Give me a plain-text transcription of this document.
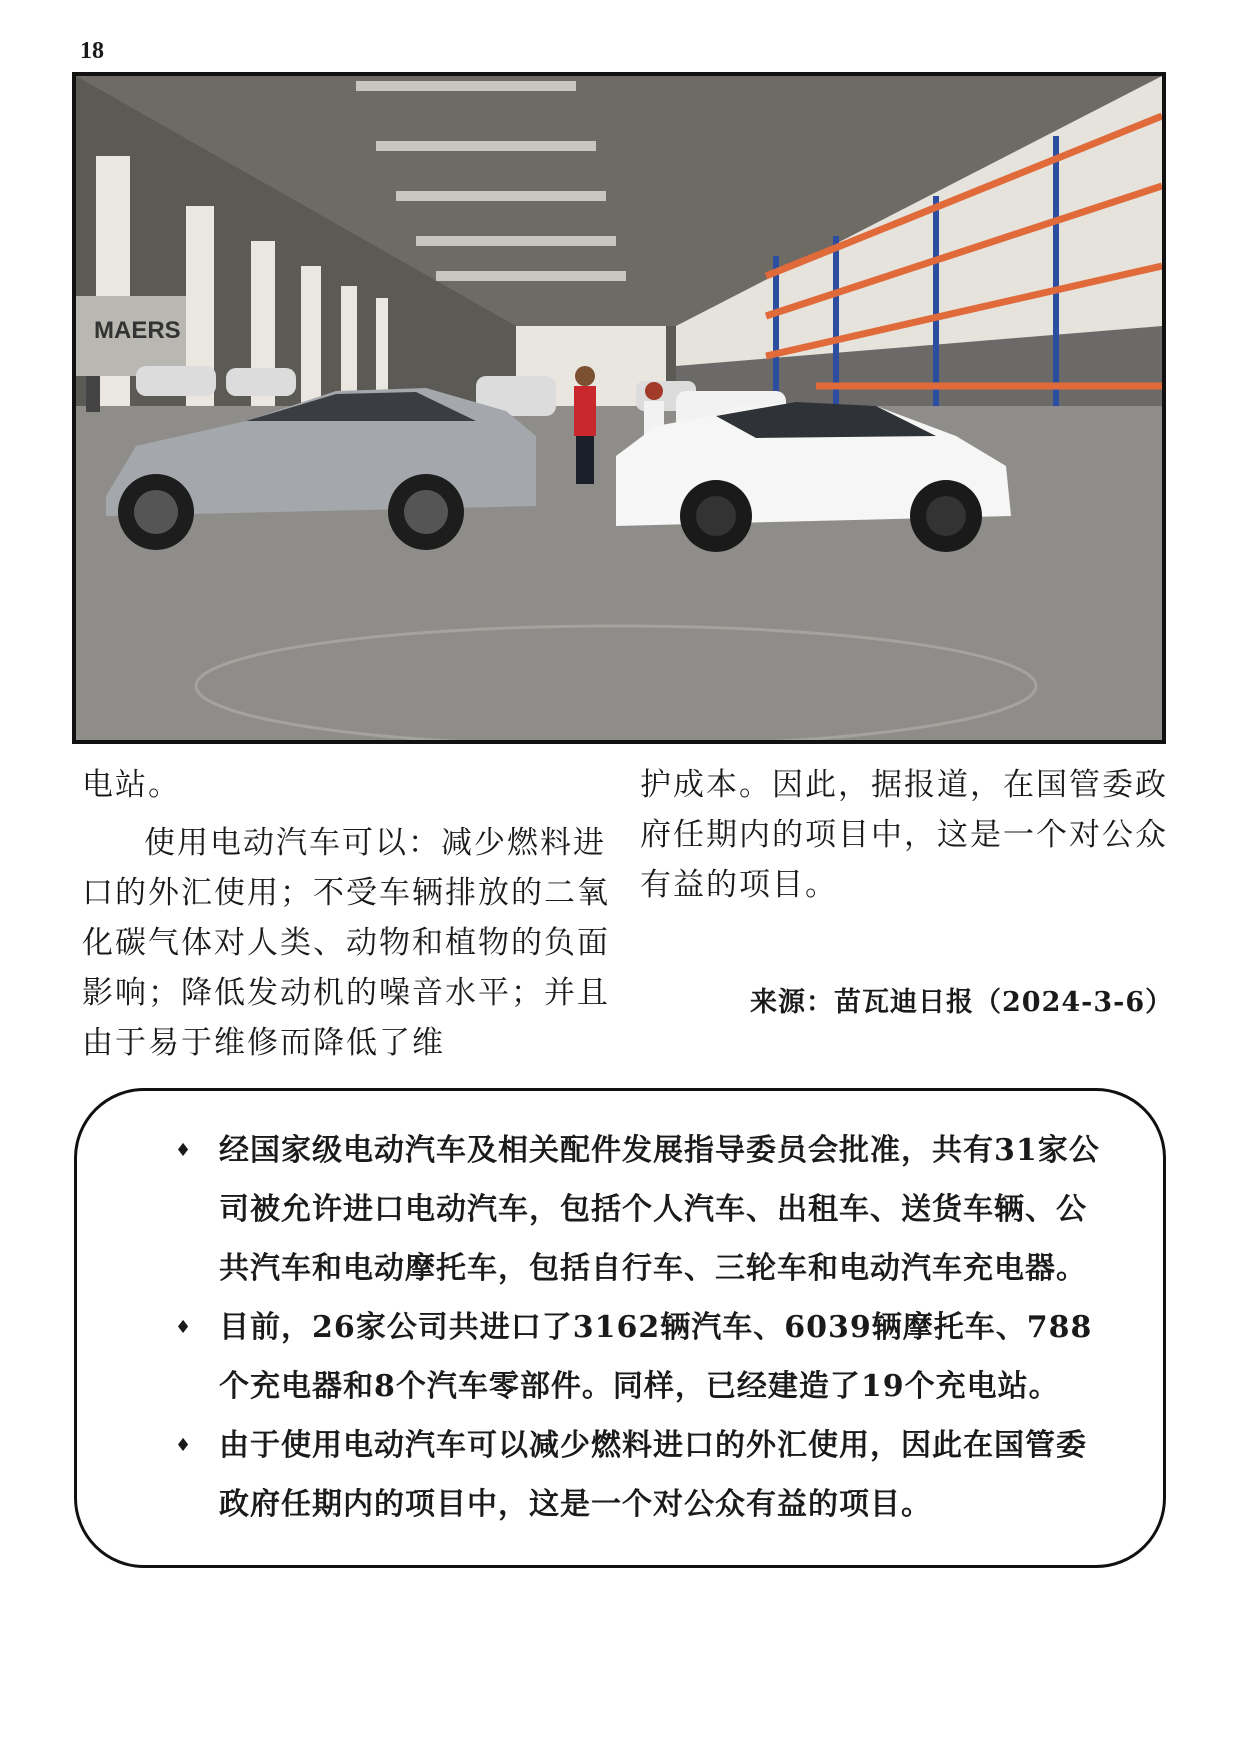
18
MAERS

电站。

使用电动汽车可以：减少燃料进口的外汇使用；不受车辆排放的二氧化碳气体对人类、动物和植物的负面影响；降低发动机的噪音水平；并且由于易于维修而降低了维

护成本。因此，据报道，在国管委政府任期内的项目中，这是一个对公众有益的项目。

来源：苗瓦迪日报（2024-3-6）
♦ 经国家级电动汽车及相关配件发展指导委员会批准，共有31家公司被允许进口电动汽车，包括个人汽车、出租车、送货车辆、公共汽车和电动摩托车，包括自行车、三轮车和电动汽车充电器。
♦ 目前，26家公司共进口了3162辆汽车、6039辆摩托车、788个充电器和8个汽车零部件。同样，已经建造了19个充电站。
♦ 由于使用电动汽车可以减少燃料进口的外汇使用，因此在国管委政府任期内的项目中，这是一个对公众有益的项目。
